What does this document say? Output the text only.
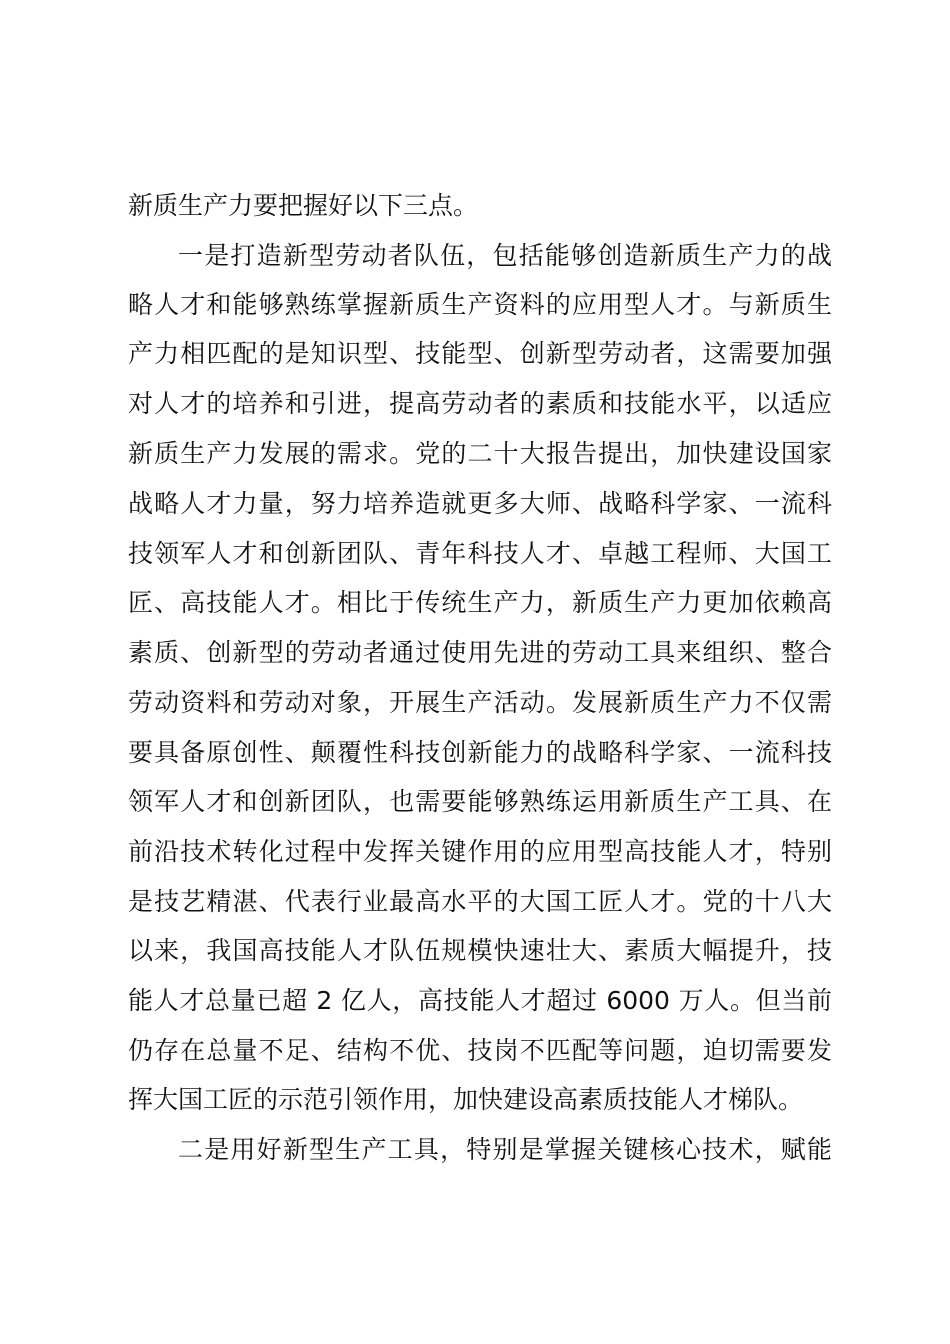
新质生产力要把握好以下三点。
一是打造新型劳动者队伍，包括能够创造新质生产力的战
略人才和能够熟练掌握新质生产资料的应用型人才。与新质生
产力相匹配的是知识型、技能型、创新型劳动者，这需要加强
对人才的培养和引进，提高劳动者的素质和技能水平，以适应
新质生产力发展的需求。党的二十大报告提出，加快建设国家
战略人才力量，努力培养造就更多大师、战略科学家、一流科
技领军人才和创新团队、青年科技人才、卓越工程师、大国工
匠、高技能人才。相比于传统生产力，新质生产力更加依赖高
素质、创新型的劳动者通过使用先进的劳动工具来组织、整合
劳动资料和劳动对象，开展生产活动。发展新质生产力不仅需
要具备原创性、颠覆性科技创新能力的战略科学家、一流科技
领军人才和创新团队，也需要能够熟练运用新质生产工具、在
前沿技术转化过程中发挥关键作用的应用型高技能人才，特别
是技艺精湛、代表行业最高水平的大国工匠人才。党的十八大
以来，我国高技能人才队伍规模快速壮大、素质大幅提升，技
能人才总量已超 2 亿人，高技能人才超过 6000 万人。但当前
仍存在总量不足、结构不优、技岗不匹配等问题，迫切需要发
挥大国工匠的示范引领作用，加快建设高素质技能人才梯队。
二是用好新型生产工具，特别是掌握关键核心技术，赋能
